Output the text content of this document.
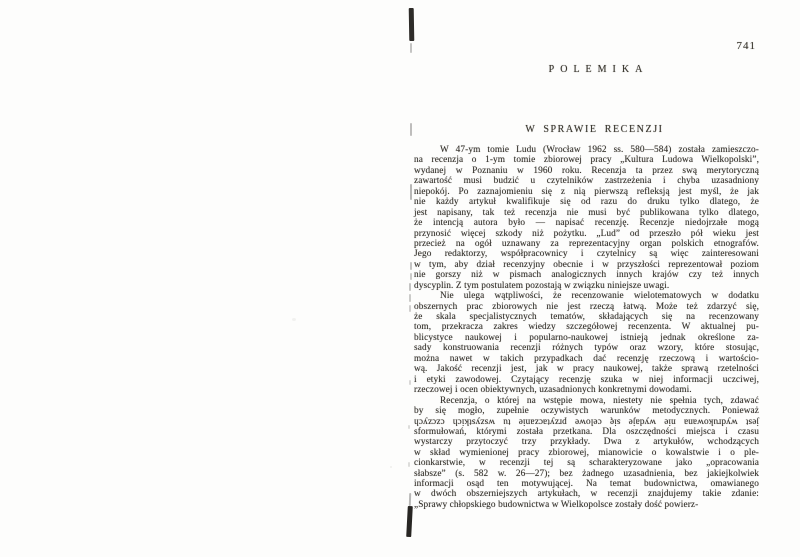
741
POLEMIKA
W SPRAWIE RECENZJI
W 47-ym tomie Ludu (Wrocław 1962 ss. 580—584) została zamieszczo-
na recenzja o 1-ym tomie zbiorowej pracy „Kultura Ludowa Wielkopolski”,
wydanej w Poznaniu w 1960 roku. Recenzja ta przez swą merytoryczną
zawartość musi budzić u czytelników zastrzeżenia i chyba uzasadniony
niepokój. Po zaznajomieniu się z nią pierwszą refleksją jest myśl, że jak
nie każdy artykuł kwalifikuje się od razu do druku tylko dlatego, że
jest napisany, tak też recenzja nie musi być publikowana tylko dlatego,
że intencją autora było — napisać recenzję. Recenzje niedojrzałe mogą
przynosić więcej szkody niż pożytku. „Lud” od przeszło pół wieku jest
przecież na ogół uznawany za reprezentacyjny organ polskich etnografów.
Jego redaktorzy, współpracownicy i czytelnicy są więc zainteresowani
w tym, aby dział recenzyjny obecnie i w przyszłości reprezentował poziom
nie gorszy niż w pismach analogicznych innych krajów czy też innych
dyscyplin. Z tym postulatem pozostają w związku niniejsze uwagi.
Nie ulega wątpliwości, że recenzowanie wielotematowych w dodatku
obszernych prac zbiorowych nie jest rzeczą łatwą. Może też zdarzyć się,
że skala specjalistycznych tematów, składających się na recenzowany
tom, przekracza zakres wiedzy szczegółowej recenzenta. W aktualnej pu-
blicystyce naukowej i popularno-naukowej istnieją jednak określone za-
sady konstruowania recenzji różnych typów oraz wzory, które stosując,
można nawet w takich przypadkach dać recenzję rzeczową i wartościo-
wą. Jakość recenzji jest, jak w pracy naukowej, także sprawą rzetelności
i etyki zawodowej. Czytający recenzję szuka w niej informacji uczciwej,
rzeczowej i ocen obiektywnych, uzasadnionych konkretnymi dowodami.
Recenzja, o której na wstępie mowa, niestety nie spełnia tych, zdawać
by się mogło, zupełnie oczywistych warunków metodycznych. Ponieważ
jest wydrukowana nie wydaje się celowe przytaczanie tu wszystkich czczych
sformułowań, którymi została przetkana. Dla oszczędności miejsca i czasu
wystarczy przytoczyć trzy przykłady. Dwa z artykułów, wchodzących
w skład wymienionej pracy zbiorowej, mianowicie o kowalstwie i o ple-
cionkarstwie, w recenzji tej są scharakteryzowane jako „opracowania
słabsze” (s. 582 w. 26—27); bez żadnego uzasadnienia, bez jakiejkolwiek
informacji osąd ten motywującej. Na temat budownictwa, omawianego
w dwóch obszerniejszych artykułach, w recenzji znajdujemy takie zdanie:
„Sprawy chłopskiego budownictwa w Wielkopolsce zostały dość powierz-
